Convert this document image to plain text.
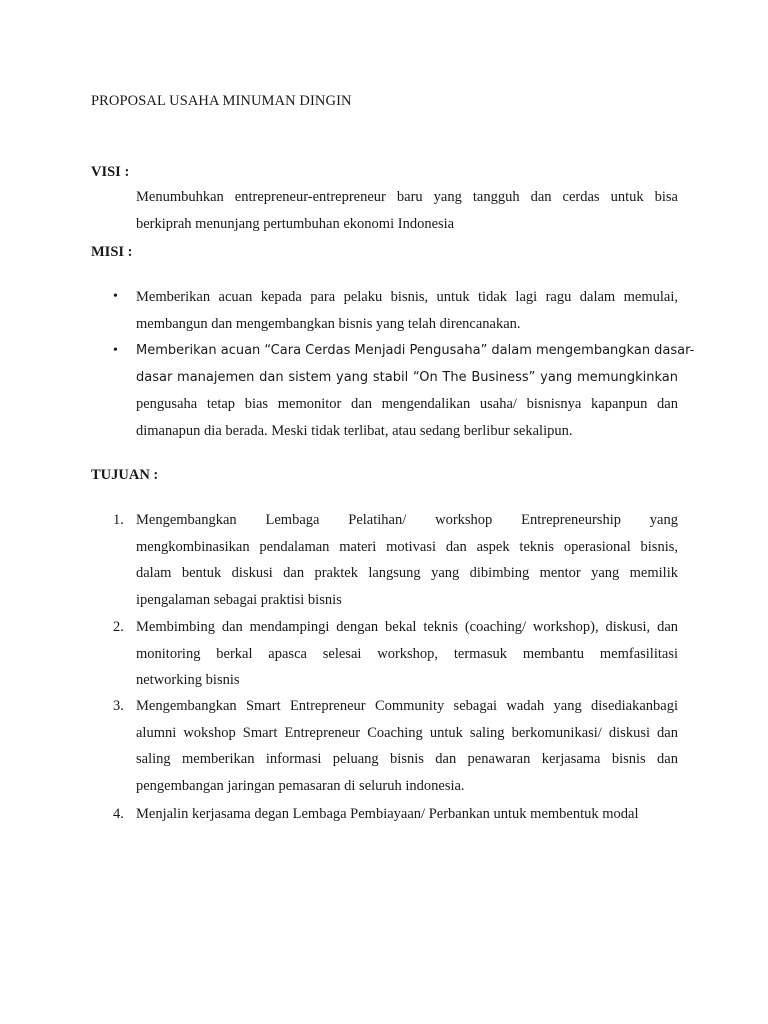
PROPOSAL USAHA MINUMAN DINGIN
VISI :
Menumbuhkan entrepreneur-entrepreneur baru yang tangguh dan cerdas untuk bisa
berkiprah menunjang pertumbuhan ekonomi Indonesia
MISI :
• Memberikan acuan kepada para pelaku bisnis, untuk tidak lagi ragu dalam memulai,
membangun dan mengembangkan bisnis yang telah direncanakan.
• Memberikan acuan “Cara Cerdas Menjadi Pengusaha” dalam mengembangkan dasar-
dasar manajemen dan sistem yang stabil “On The Business” yang memungkinkan
pengusaha tetap bias memonitor dan mengendalikan usaha/ bisnisnya kapanpun dan
dimanapun dia berada. Meski tidak terlibat, atau sedang berlibur sekalipun.
TUJUAN :
1. Mengembangkan Lembaga Pelatihan/ workshop Entrepreneurship yang
mengkombinasikan pendalaman materi motivasi dan aspek teknis operasional bisnis,
dalam bentuk diskusi dan praktek langsung yang dibimbing mentor yang memilik
ipengalaman sebagai praktisi bisnis
2. Membimbing dan mendampingi dengan bekal teknis (coaching/ workshop), diskusi, dan
monitoring berkal apasca selesai workshop, termasuk membantu memfasilitasi
networking bisnis
3. Mengembangkan Smart Entrepreneur Community sebagai wadah yang disediakanbagi
alumni wokshop Smart Entrepreneur Coaching untuk saling berkomunikasi/ diskusi dan
saling memberikan informasi peluang bisnis dan penawaran kerjasama bisnis dan
pengembangan jaringan pemasaran di seluruh indonesia.
4. Menjalin kerjasama degan Lembaga Pembiayaan/ Perbankan untuk membentuk modal
